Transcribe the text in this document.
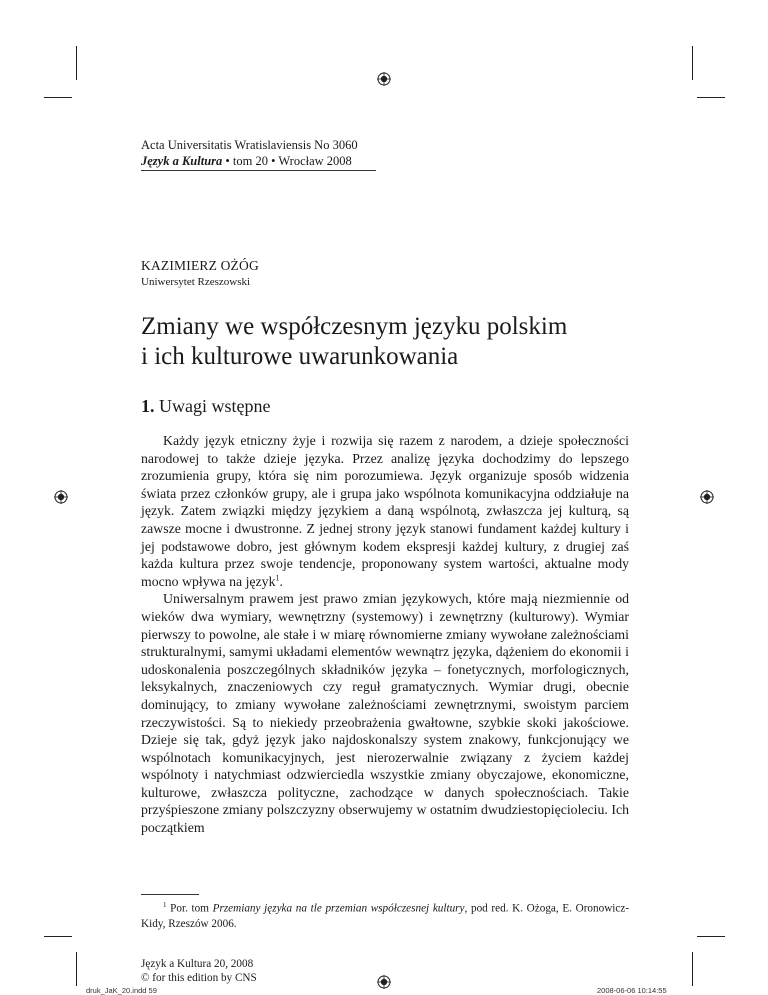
Acta Universitatis Wratislaviensis No 3060
Język a Kultura • tom 20 • Wrocław 2008
KAZIMIERZ OŻÓG
Uniwersytet Rzeszowski
Zmiany we współczesnym języku polskim
i ich kulturowe uwarunkowania
1. Uwagi wstępne

Każdy język etniczny żyje i rozwija się razem z narodem, a dzieje społeczności narodowej to także dzieje języka. Przez analizę języka dochodzimy do lepszego zrozumienia grupy, która się nim porozumiewa. Język organizuje sposób widzenia świata przez członków grupy, ale i grupa jako wspólnota komunikacyjna oddziałuje na język. Zatem związki między językiem a daną wspólnotą, zwłaszcza jej kulturą, są zawsze mocne i dwustronne. Z jednej strony język stanowi fundament każdej kultury i jej podstawowe dobro, jest głównym kodem ekspresji każdej kultury, z drugiej zaś każda kultura przez swoje tendencje, proponowany system wartości, aktualne mody mocno wpływa na język$^1$.

Uniwersalnym prawem jest prawo zmian językowych, które mają niezmiennie od wieków dwa wymiary, wewnętrzny (systemowy) i zewnętrzny (kulturowy). Wymiar pierwszy to powolne, ale stałe i w miarę równomierne zmiany wywołane zależnościami strukturalnymi, samymi układami elementów wewnątrz języka, dążeniem do ekonomii i udoskonalenia poszczególnych składników języka – fonetycznych, morfologicznych, leksykalnych, znaczeniowych czy reguł gramatycznych. Wymiar drugi, obecnie dominujący, to zmiany wywołane zależnościami zewnętrznymi, swoistym parciem rzeczywistości. Są to niekiedy przeobrażenia gwałtowne, szybkie skoki jakościowe. Dzieje się tak, gdyż język jako najdoskonalszy system znakowy, funkcjonujący we wspólnotach komunikacyjnych, jest nierozerwalnie związany z życiem każdej wspólnoty i natychmiast odzwierciedla wszystkie zmiany obyczajowe, ekonomiczne, kulturowe, zwłaszcza polityczne, zachodzące w danych społecznościach. Takie przyśpieszone zmiany polszczyzny obserwujemy w ostatnim dwudziestopięcioleciu. Ich początkiem

$^1$ Por. tom Przemiany języka na tle przemian współczesnej kultury, pod red. K. Ożoga, E. Oronowicz-Kidy, Rzeszów 2006.

Język a Kultura 20, 2008
© for this edition by CNS
druk_JaK_20.indd 59	2008-06-06 10:14:55
